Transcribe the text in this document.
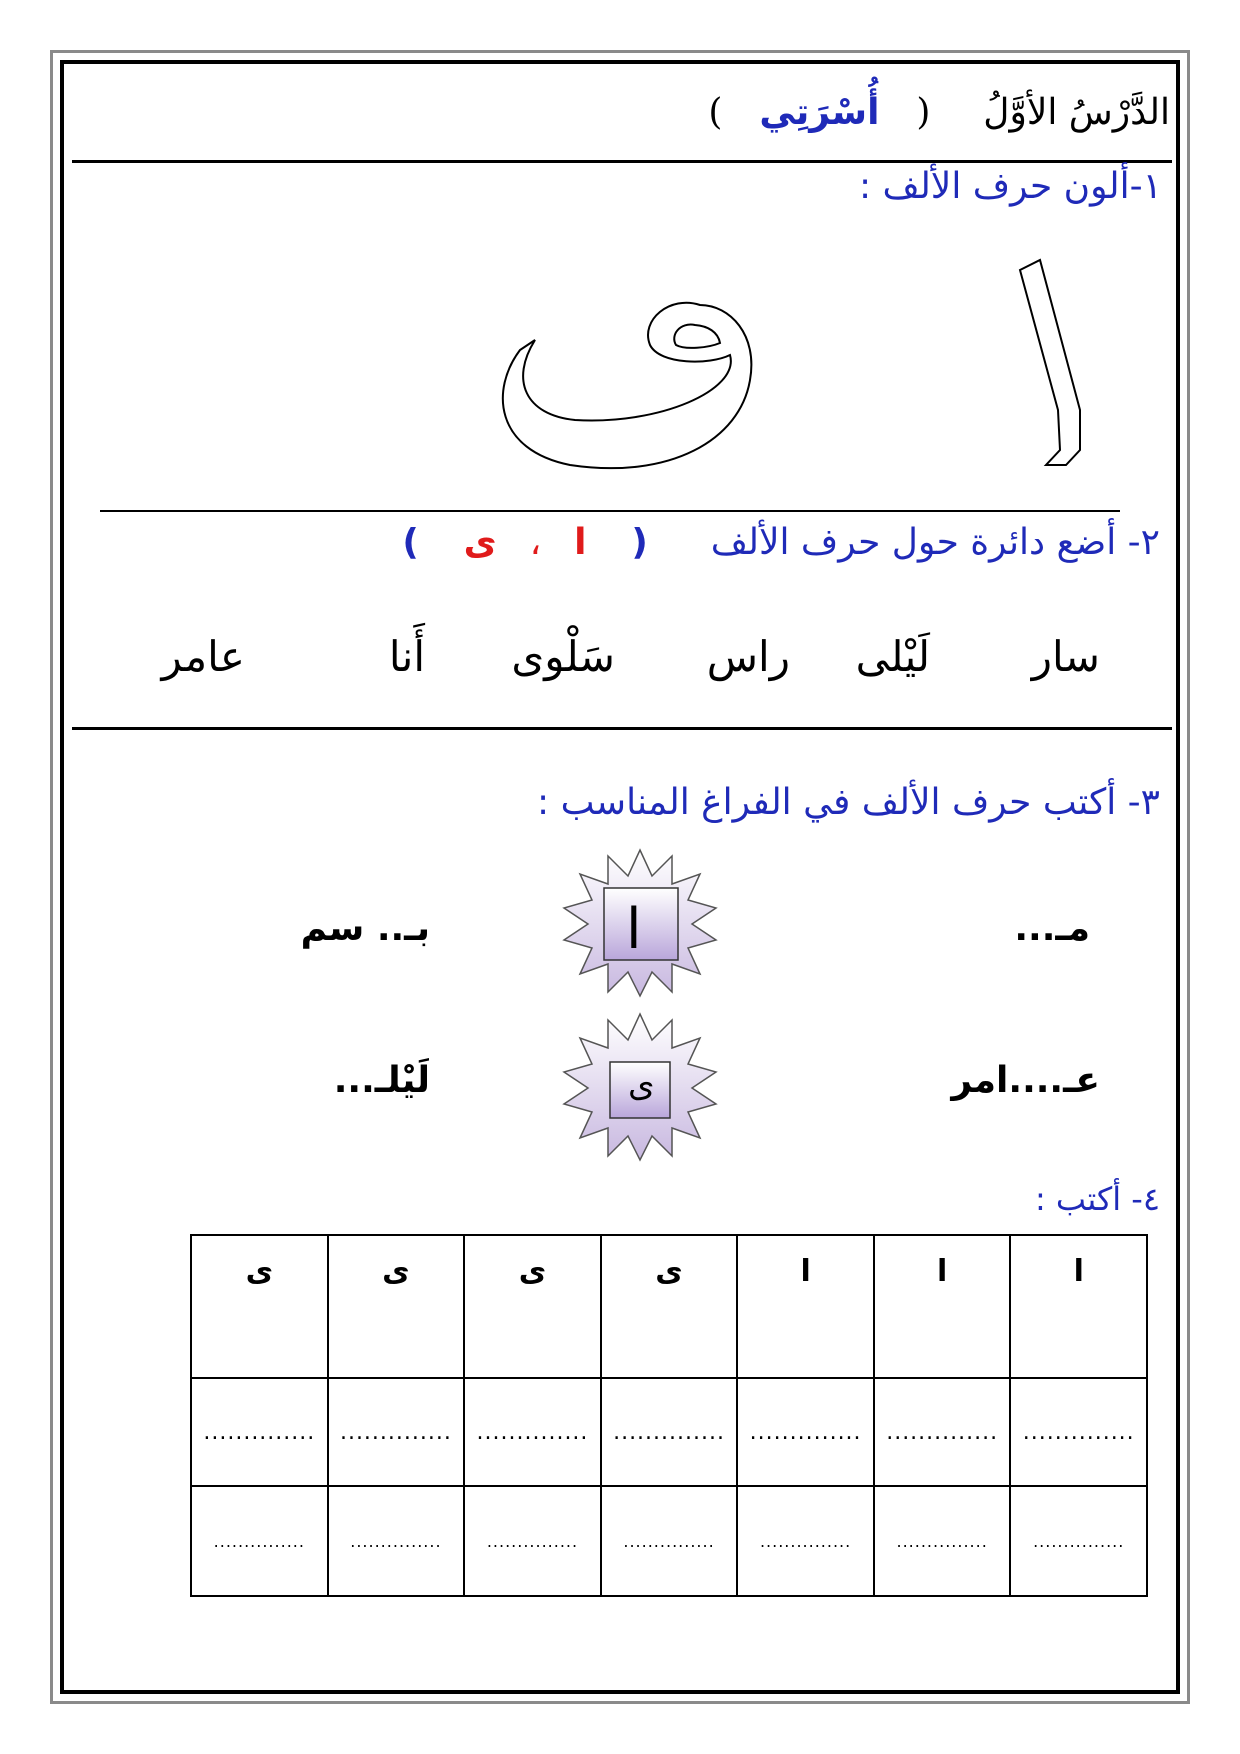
الدَّرْسُ الأوَّلُ  (  أُسْرَتِي  )
١-ألون حرف الألف :
٢- أضع دائرة حول حرف الألف  (  ا  ،  ى  )
سار
لَيْلى
راس
سَلْوى
أَنا
عامر
٣- أكتب حرف الألف في الفراغ المناسب :
ا
ى
مـ...
بـ.. سم
عـ....امر
لَيْلـ...
٤- أكتب :
ا	ا	ا	ى	ى	ى	ى
..............	..............	..............	..............	..............	..............	..............
...............	...............	...............	...............	...............	...............	...............
